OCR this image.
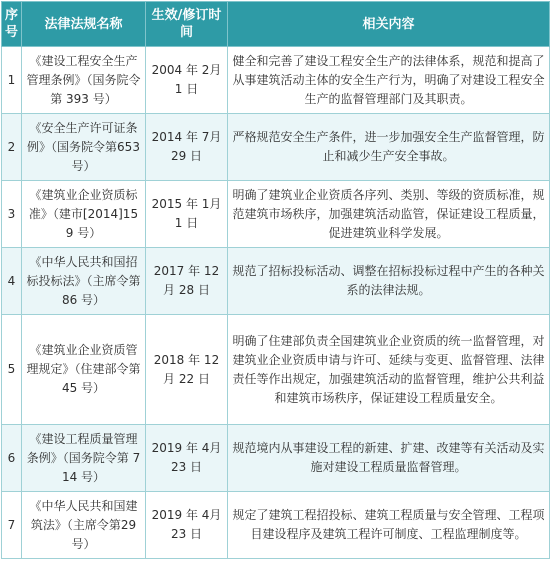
序号	法律法规名称	生效/修订时间	相关内容
1	《建设工程安全生产管理条例》（国务院令第 393 号）	2004 年 2月1 日	健全和完善了建设工程安全生产的法律体系，规范和提高了从事建筑活动主体的安全生产行为，明确了对建设工程安全生产的监督管理部门及其职责。
2	《安全生产许可证条例》（国务院令第653 号）	2014 年 7月29 日	严格规范安全生产条件，进一步加强安全生产监督管理，防止和减少生产安全事故。
3	《建筑业企业资质标准》（建市[2014]159 号）	2015 年 1月 1 日	明确了建筑业企业资质各序列、类别、等级的资质标准，规范建筑市场秩序，加强建筑活动监管，保证建设工程质量，促进建筑业科学发展。
4	《中华人民共和国招标投标法》（主席令第 86 号）	2017 年 12月 28 日	规范了招标投标活动、调整在招标投标过程中产生的各种关系的法律法规。
5	《建筑业企业资质管理规定》（住建部令第 45 号）	2018 年 12月 22 日	明确了住建部负责全国建筑业企业资质的统一监督管理，对建筑业企业资质申请与许可、延续与变更、监督管理、法律责任等作出规定，加强建筑活动的监督管理，维护公共利益和建筑市场秩序，保证建设工程质量安全。
6	《建设工程质量管理条例》（国务院令第 714 号）	2019 年 4月23 日	规范境内从事建设工程的新建、扩建、改建等有关活动及实施对建设工程质量监督管理。
7	《中华人民共和国建筑法》（主席令第29 号）	2019 年 4月23 日	规定了建筑工程招投标、建筑工程质量与安全管理、工程项目建设程序及建筑工程许可制度、工程监理制度等。
